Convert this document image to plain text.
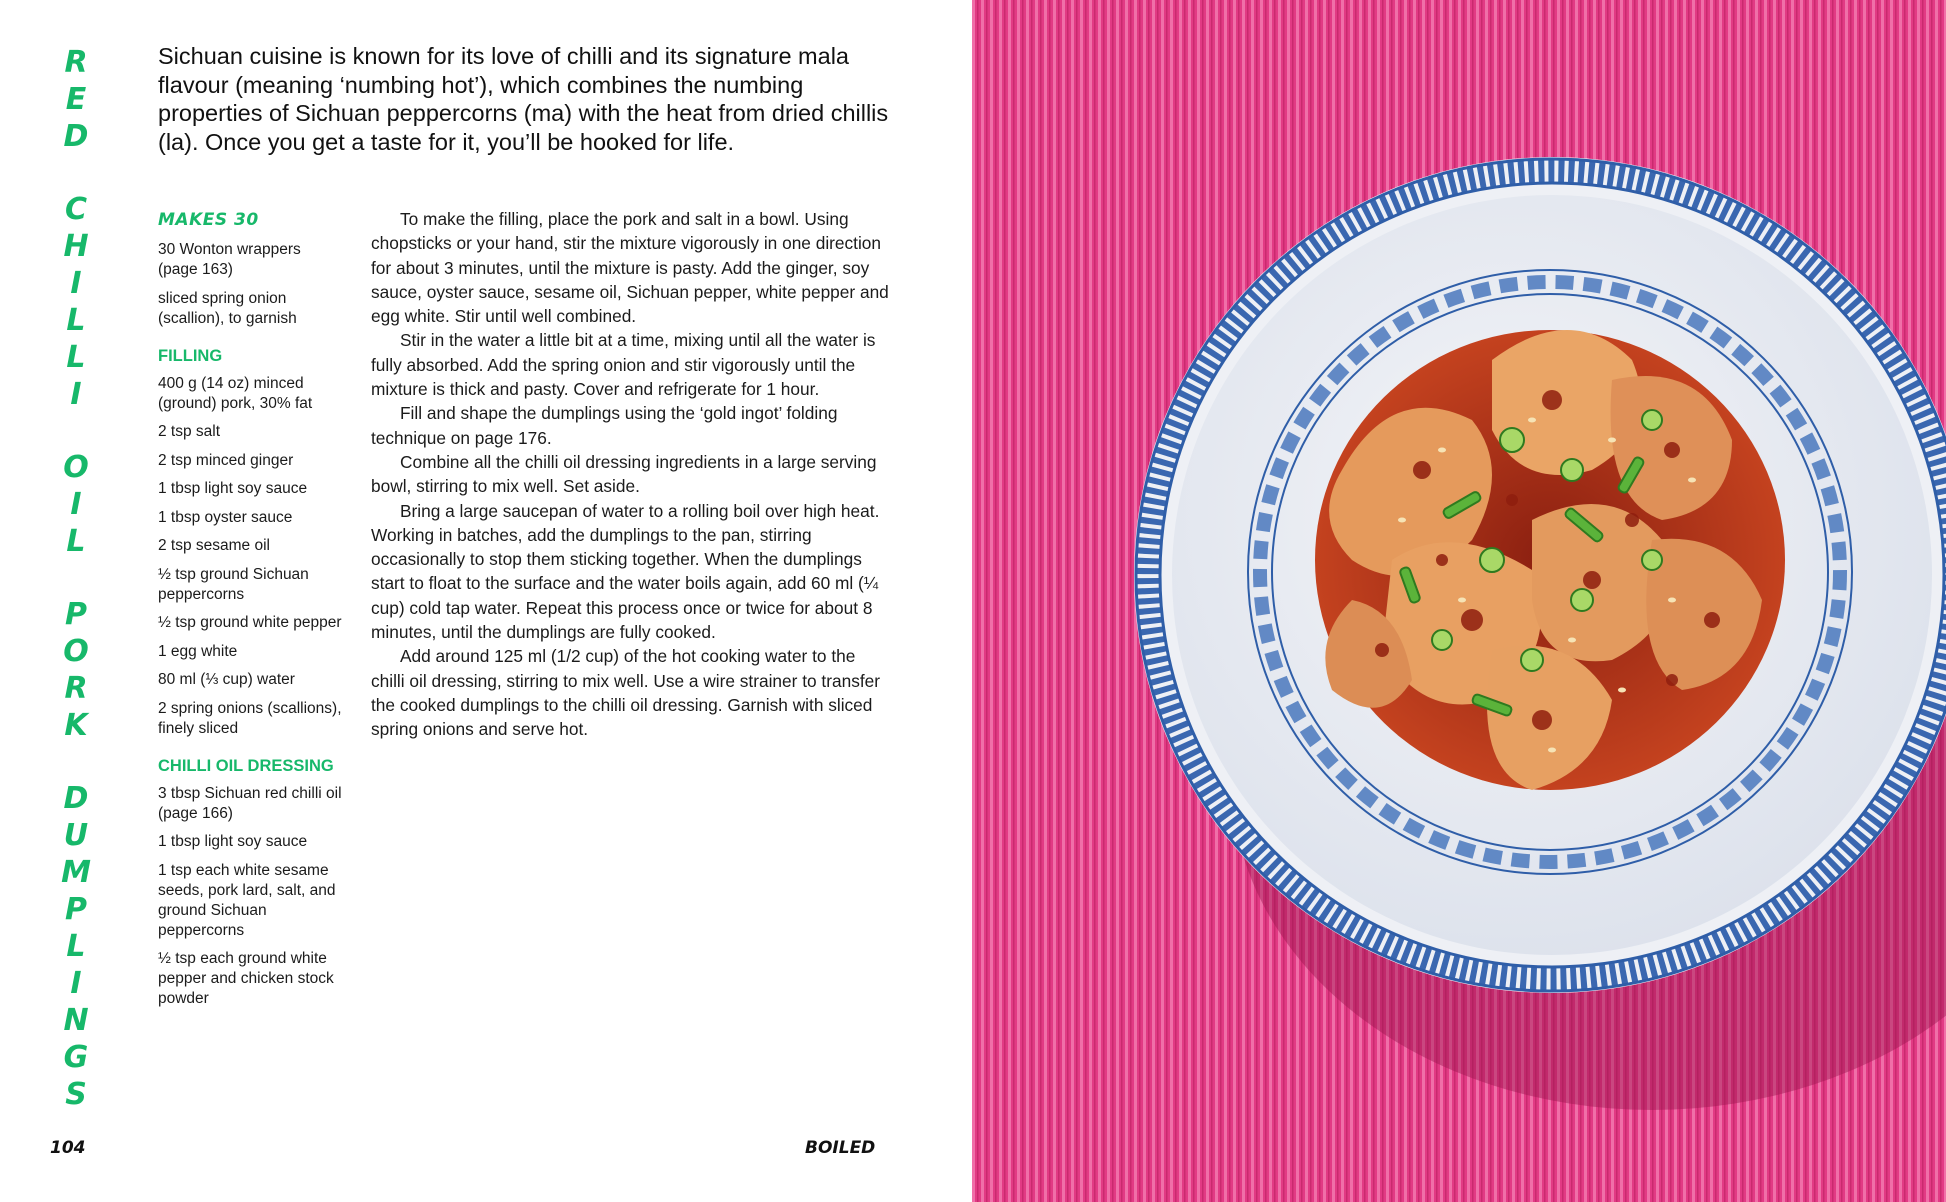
R
E
D
C
H
I
L
L
I
O
I
L
P
O
R
K
D
U
M
P
L
I
N
G
S

Sichuan cuisine is known for its love of chilli and its signature mala flavour (meaning ‘numbing hot’), which combines the numbing properties of Sichuan peppercorns (ma) with the heat from dried chillis (la). Once you get a taste for it, you’ll be hooked for life.

MAKES 30

30 Wonton wrappers (page 163)

sliced spring onion (scallion), to garnish

FILLING

400 g (14 oz) minced (ground) pork, 30% fat

2 tsp salt

2 tsp minced ginger

1 tbsp light soy sauce

1 tbsp oyster sauce

2 tsp sesame oil

½ tsp ground Sichuan peppercorns

½ tsp ground white pepper

1 egg white

80 ml (⅓ cup) water

2 spring onions (scallions), finely sliced

CHILLI OIL DRESSING

3 tbsp Sichuan red chilli oil (page 166)

1 tbsp light soy sauce

1 tsp each white sesame seeds, pork lard, salt, and ground Sichuan peppercorns

½ tsp each ground white pepper and chicken stock powder

To make the filling, place the pork and salt in a bowl. Using chopsticks or your hand, stir the mixture vigorously in one direction for about 3 minutes, until the mixture is pasty. Add the ginger, soy sauce, oyster sauce, sesame oil, Sichuan pepper, white pepper and egg white. Stir until well combined.

Stir in the water a little bit at a time, mixing until all the water is fully absorbed. Add the spring onion and stir vigorously until the mixture is thick and pasty. Cover and refrigerate for 1 hour.

Fill and shape the dumplings using the ‘gold ingot’ folding technique on page 176.

Combine all the chilli oil dressing ingredients in a large serving bowl, stirring to mix well. Set aside.

Bring a large saucepan of water to a rolling boil over high heat. Working in batches, add the dumplings to the pan, stirring occasionally to stop them sticking together. When the dumplings start to float to the surface and the water boils again, add 60 ml (¼ cup) cold tap water. Repeat this process once or twice for about 8 minutes, until the dumplings are fully cooked.

Add around 125 ml (1/2 cup) of the hot cooking water to the chilli oil dressing, stirring to mix well. Use a wire strainer to transfer the cooked dumplings to the chilli oil dressing. Garnish with sliced spring onions and serve hot.

104	BOILED
